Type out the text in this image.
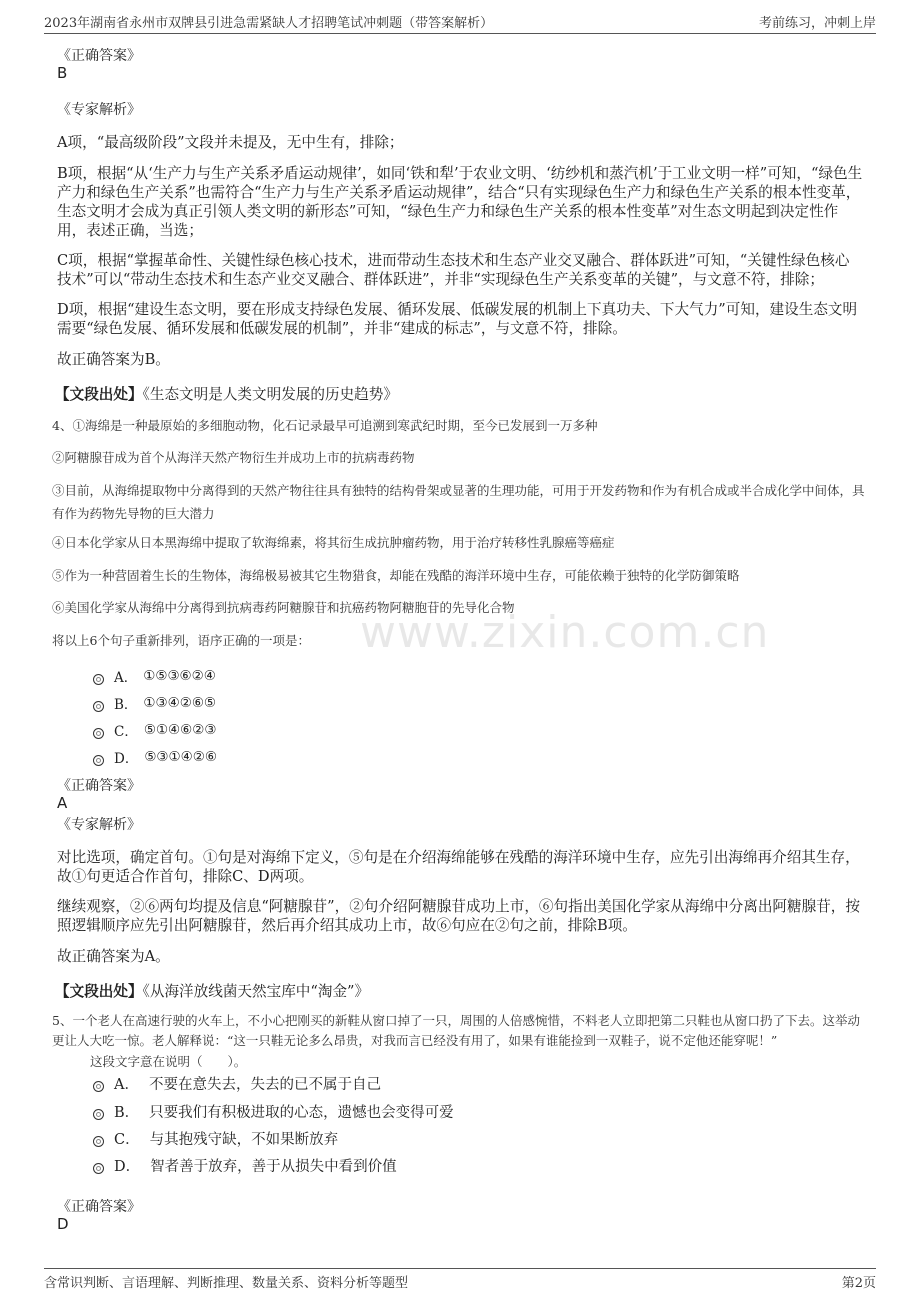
2023年湖南省永州市双牌县引进急需紧缺人才招聘笔试冲刺题（带答案解析）	考前练习，冲刺上岸
www.zixin.com.cn
《正确答案》
B
《专家解析》
A项，“最高级阶段”文段并未提及，无中生有，排除；
B项，根据“从‘生产力与生产关系矛盾运动规律’，如同‘铁和犁’于农业文明、‘纺纱机和蒸汽机’于工业文明一样”可知，“绿色生产力和绿色生产关系”也需符合“生产力与生产关系矛盾运动规律”，结合“只有实现绿色生产力和绿色生产关系的根本性变革，生态文明才会成为真正引领人类文明的新形态”可知，“绿色生产力和绿色生产关系的根本性变革”对生态文明起到决定性作用，表述正确，当选；
C项，根据“掌握革命性、关键性绿色核心技术，进而带动生态技术和生态产业交叉融合、群体跃进”可知，“关键性绿色核心技术”可以“带动生态技术和生态产业交叉融合、群体跃进”，并非“实现绿色生产关系变革的关键”，与文意不符，排除；
D项，根据“建设生态文明，要在形成支持绿色发展、循环发展、低碳发展的机制上下真功夫、下大气力”可知，建设生态文明需要“绿色发展、循环发展和低碳发展的机制”，并非“建成的标志”，与文意不符，排除。
故正确答案为B。
【文段出处】《生态文明是人类文明发展的历史趋势》
4、①海绵是一种最原始的多细胞动物，化石记录最早可追溯到寒武纪时期，至今已发展到一万多种
②阿糖腺苷成为首个从海洋天然产物衍生并成功上市的抗病毒药物
③目前，从海绵提取物中分离得到的天然产物往往具有独特的结构骨架或显著的生理功能，可用于开发药物和作为有机合成或半合成化学中间体，具有作为药物先导物的巨大潜力
④日本化学家从日本黑海绵中提取了软海绵素，将其衍生成抗肿瘤药物，用于治疗转移性乳腺癌等癌症
⑤作为一种营固着生长的生物体，海绵极易被其它生物猎食，却能在残酷的海洋环境中生存，可能依赖于独特的化学防御策略
⑥美国化学家从海绵中分离得到抗病毒药阿糖腺苷和抗癌药物阿糖胞苷的先导化合物
将以上6个句子重新排列，语序正确的一项是：
A． ①⑤③⑥②④
B． ①③④②⑥⑤
C． ⑤①④⑥②③
D． ⑤③①④②⑥
《正确答案》
A
《专家解析》
对比选项，确定首句。①句是对海绵下定义，⑤句是在介绍海绵能够在残酷的海洋环境中生存，应先引出海绵再介绍其生存，故①句更适合作首句，排除C、D两项。
继续观察，②⑥两句均提及信息“阿糖腺苷”，②句介绍阿糖腺苷成功上市，⑥句指出美国化学家从海绵中分离出阿糖腺苷，按照逻辑顺序应先引出阿糖腺苷，然后再介绍其成功上市，故⑥句应在②句之前，排除B项。
故正确答案为A。
【文段出处】《从海洋放线菌天然宝库中“淘金”》
5、一个老人在高速行驶的火车上，不小心把刚买的新鞋从窗口掉了一只，周围的人倍感惋惜，不料老人立即把第二只鞋也从窗口扔了下去。这举动更让人大吃一惊。老人解释说：“这一只鞋无论多么昂贵，对我而言已经没有用了，如果有谁能捡到一双鞋子，说不定他还能穿呢！”
这段文字意在说明（　　）。
A． 不要在意失去，失去的已不属于自己
B． 只要我们有积极进取的心态，遗憾也会变得可爱
C． 与其抱残守缺，不如果断放弃
D． 智者善于放弃，善于从损失中看到价值
《正确答案》
D
含常识判断、言语理解、判断推理、数量关系、资料分析等题型	第2页
